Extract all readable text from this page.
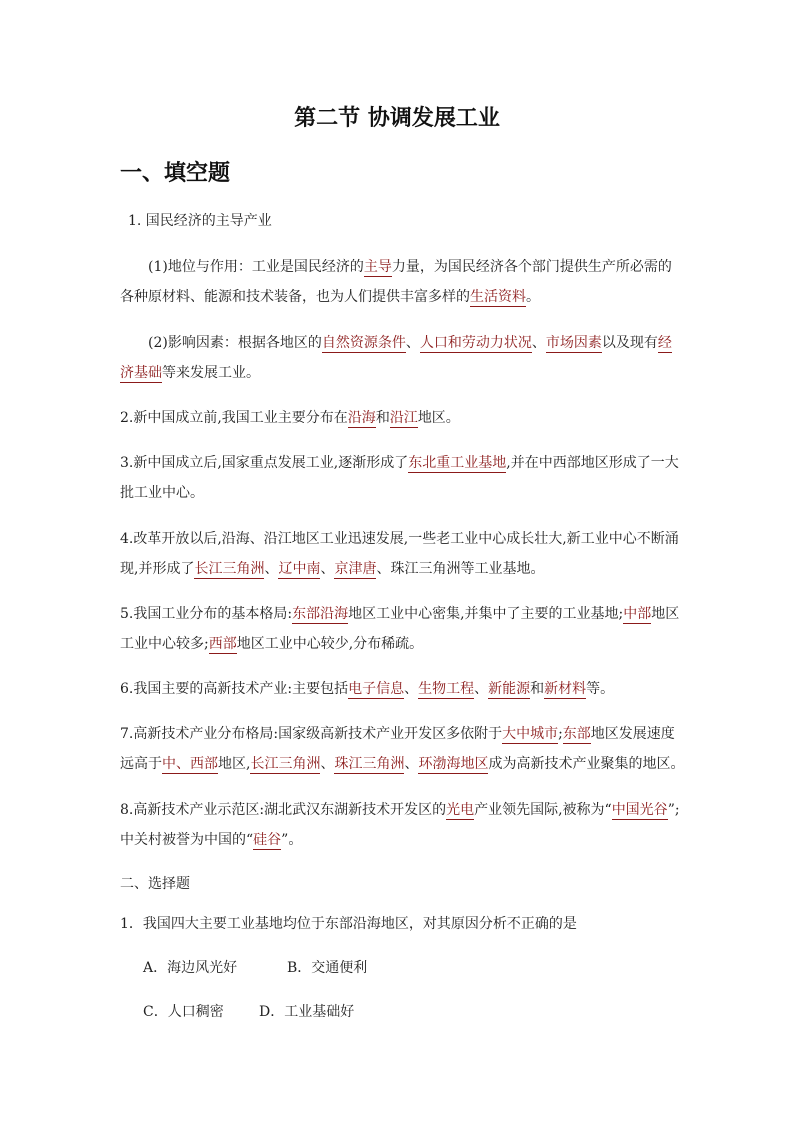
第二节 协调发展工业
一、填空题
1. 国民经济的主导产业
(1)地位与作用：工业是国民经济的主导力量，为国民经济各个部门提供生产所必需的
各种原材料、能源和技术装备，也为人们提供丰富多样的生活资料。
(2)影响因素：根据各地区的自然资源条件、人口和劳动力状况、市场因素以及现有经
济基础等来发展工业。
2.新中国成立前,我国工业主要分布在沿海和沿江地区。
3.新中国成立后,国家重点发展工业,逐渐形成了东北重工业基地,并在中西部地区形成了一大
批工业中心。
4.改革开放以后,沿海、沿江地区工业迅速发展,一些老工业中心成长壮大,新工业中心不断涌
现,并形成了长江三角洲、辽中南、京津唐、珠江三角洲等工业基地。
5.我国工业分布的基本格局:东部沿海地区工业中心密集,并集中了主要的工业基地;中部地区
工业中心较多;西部地区工业中心较少,分布稀疏。
6.我国主要的高新技术产业:主要包括电子信息、生物工程、新能源和新材料等。
7.高新技术产业分布格局:国家级高新技术产业开发区多依附于大中城市;东部地区发展速度
远高于中、西部地区,长江三角洲、珠江三角洲、环渤海地区成为高新技术产业聚集的地区。
8.高新技术产业示范区:湖北武汉东湖新技术开发区的光电产业领先国际,被称为“中国光谷”;
中关村被誉为中国的“硅谷”。
二、选择题
1．我国四大主要工业基地均位于东部沿海地区，对其原因分析不正确的是
A．海边风光好	B．交通便利
C．人口稠密	D．工业基础好
